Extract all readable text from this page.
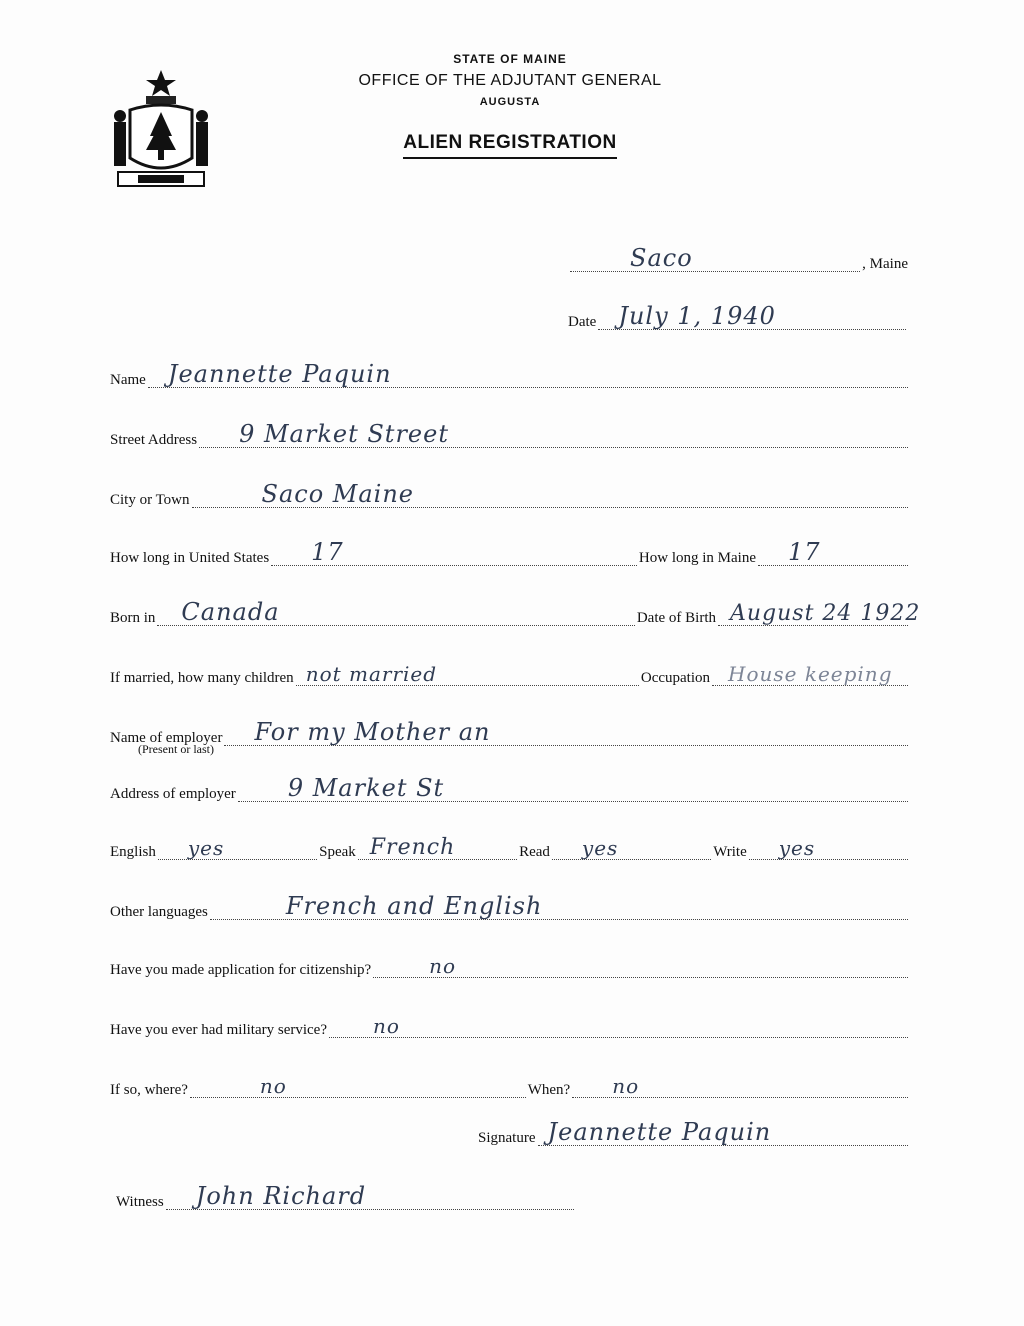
STATE OF MAINE
OFFICE OF THE ADJUTANT GENERAL
AUGUSTA
ALIEN REGISTRATION
Saco	, Maine
Date July 1, 1940
Name Jeannette Paquin
Street Address 9 Market Street
City or Town	Saco Maine
How long in United States 17	How long in Maine 17
Born in Canada	Date of Birth August 24 1922
If married, how many children not married	Occupation House keeping
Name of employer For my Mother an
(Present or last)
Address of employer 9 Market St
English yes	Speak French	Read yes	Write yes
Other languages	French and English
Have you made application for citizenship?	no
Have you ever had military service? no
If so, where?	no	When? no
Signature Jeannette Paquin
Witness John Richard
